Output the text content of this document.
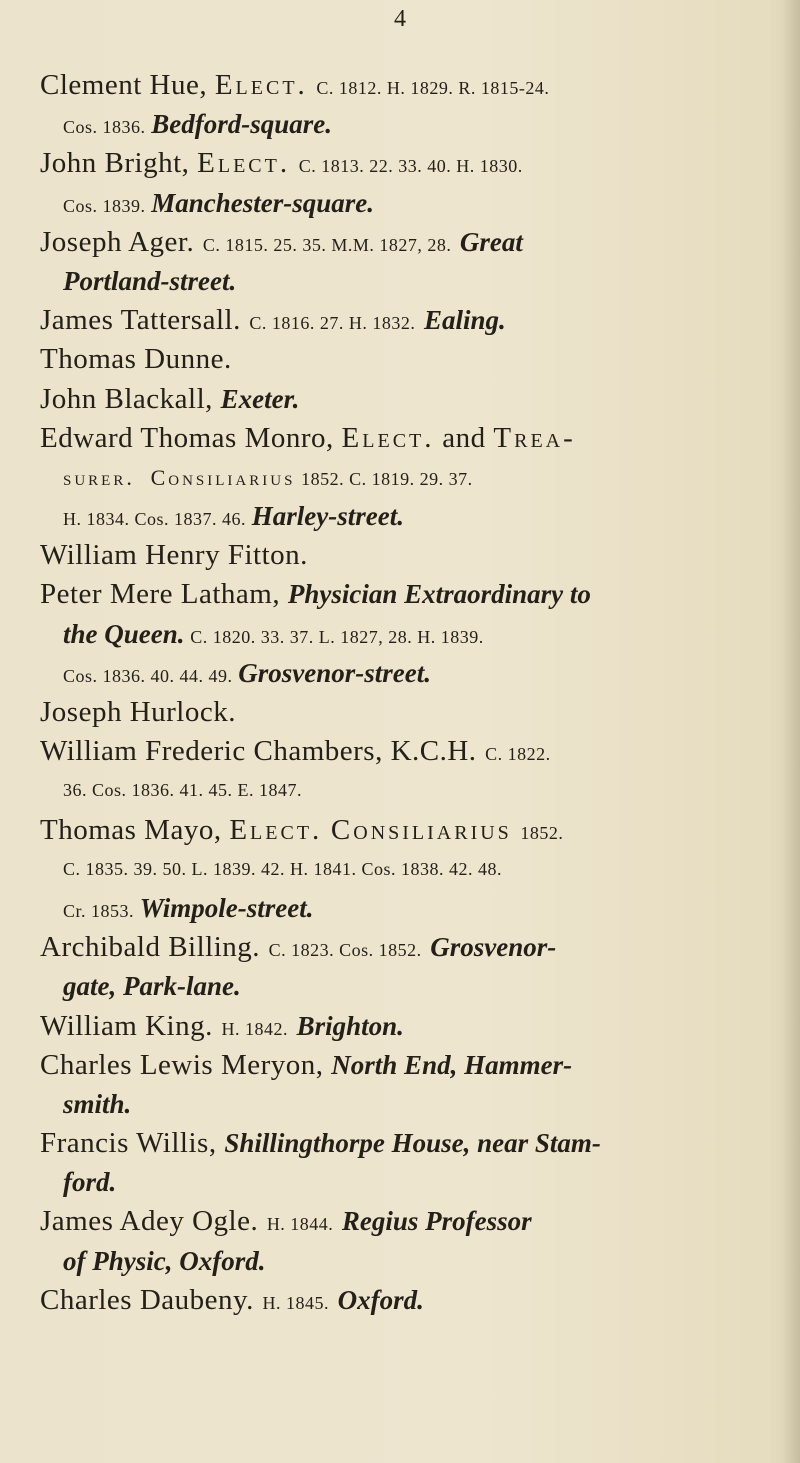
4
Clement Hue, Elect. C. 1812. H. 1829. R. 1815-24.
Cos. 1836. Bedford-square.
John Bright, Elect. C. 1813. 22. 33. 40. H. 1830.
Cos. 1839. Manchester-square.
Joseph Ager. C. 1815. 25. 35. M.M. 1827, 28. Great
Portland-street.
James Tattersall. C. 1816. 27. H. 1832. Ealing.
Thomas Dunne.
John Blackall, Exeter.
Edward Thomas Monro, Elect. and Trea-
surer. Consiliarius 1852. C. 1819. 29. 37.
H. 1834. Cos. 1837. 46. Harley-street.
William Henry Fitton.
Peter Mere Latham, Physician Extraordinary to
the Queen. C. 1820. 33. 37. L. 1827, 28. H. 1839.
Cos. 1836. 40. 44. 49. Grosvenor-street.
Joseph Hurlock.
William Frederic Chambers, K.C.H. C. 1822.
36. Cos. 1836. 41. 45. E. 1847.
Thomas Mayo, Elect. Consiliarius 1852.
C. 1835. 39. 50. L. 1839. 42. H. 1841. Cos. 1838. 42. 48.
Cr. 1853. Wimpole-street.
Archibald Billing. C. 1823. Cos. 1852. Grosvenor-
gate, Park-lane.
William King. H. 1842. Brighton.
Charles Lewis Meryon, North End, Hammer-
smith.
Francis Willis, Shillingthorpe House, near Stam-
ford.
James Adey Ogle. H. 1844. Regius Professor
of Physic, Oxford.
Charles Daubeny. H. 1845. Oxford.
